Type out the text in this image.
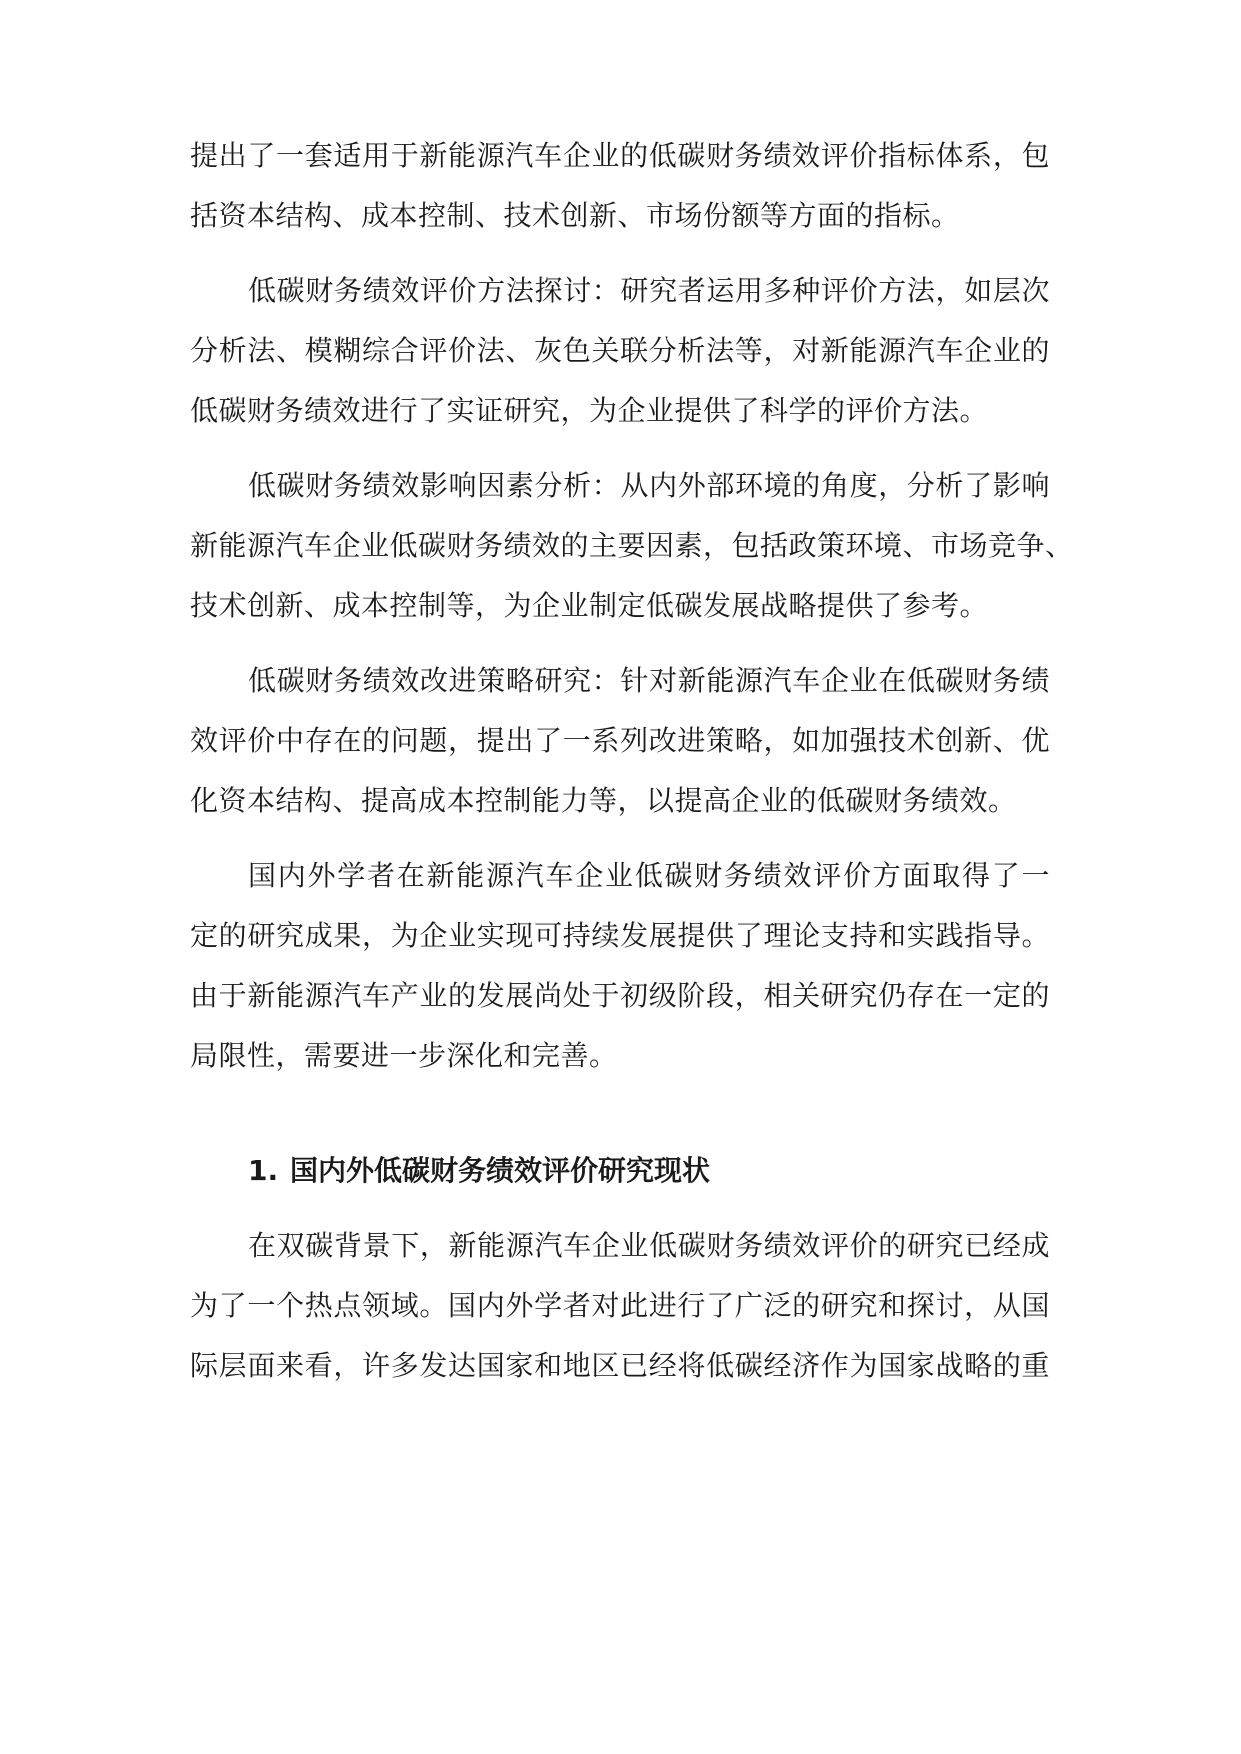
提出了一套适用于新能源汽车企业的低碳财务绩效评价指标体系，包
括资本结构、成本控制、技术创新、市场份额等方面的指标。
低碳财务绩效评价方法探讨：研究者运用多种评价方法，如层次
分析法、模糊综合评价法、灰色关联分析法等，对新能源汽车企业的
低碳财务绩效进行了实证研究，为企业提供了科学的评价方法。
低碳财务绩效影响因素分析：从内外部环境的角度，分析了影响
新能源汽车企业低碳财务绩效的主要因素，包括政策环境、市场竞争、
技术创新、成本控制等，为企业制定低碳发展战略提供了参考。
低碳财务绩效改进策略研究：针对新能源汽车企业在低碳财务绩
效评价中存在的问题，提出了一系列改进策略，如加强技术创新、优
化资本结构、提高成本控制能力等，以提高企业的低碳财务绩效。
国内外学者在新能源汽车企业低碳财务绩效评价方面取得了一
定的研究成果，为企业实现可持续发展提供了理论支持和实践指导。
由于新能源汽车产业的发展尚处于初级阶段，相关研究仍存在一定的
局限性，需要进一步深化和完善。
1. 国内外低碳财务绩效评价研究现状
在双碳背景下，新能源汽车企业低碳财务绩效评价的研究已经成
为了一个热点领域。国内外学者对此进行了广泛的研究和探讨，从国
际层面来看，许多发达国家和地区已经将低碳经济作为国家战略的重
